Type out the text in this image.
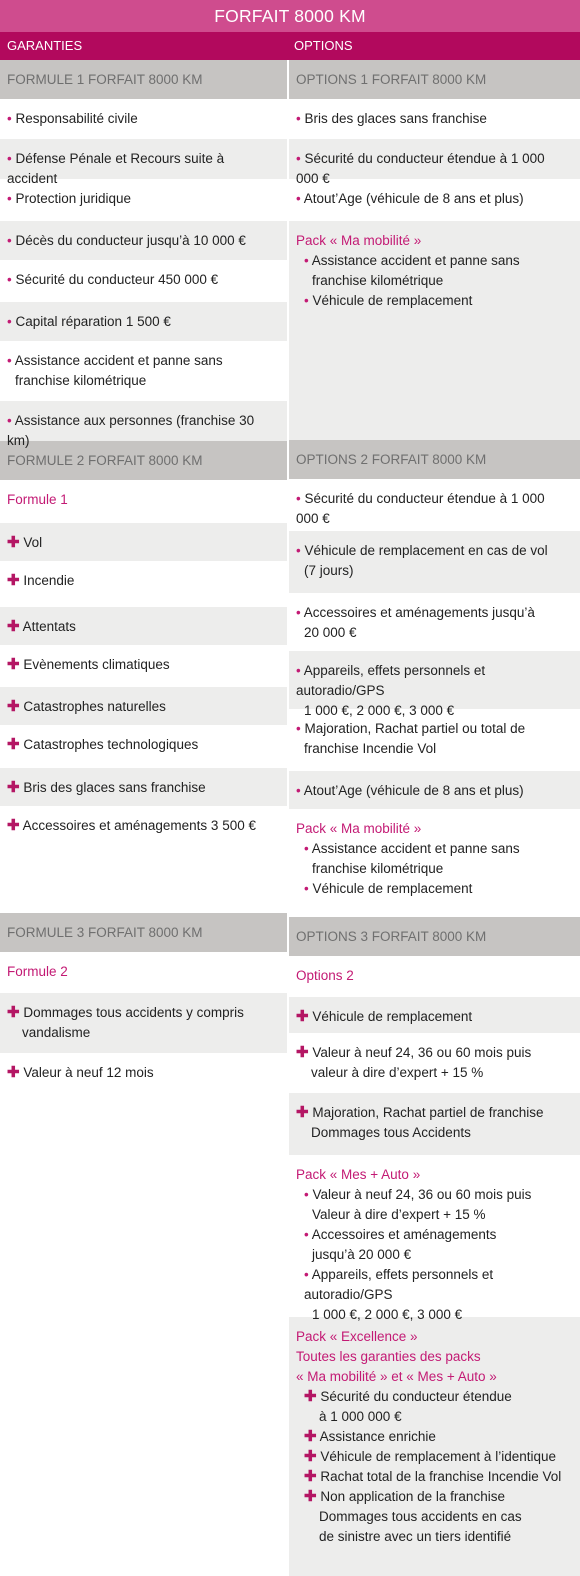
FORFAIT 8000 KM
GARANTIES	OPTIONS
FORMULE 1 FORFAIT 8000 KM
• Responsabilité civile
• Défense Pénale et Recours suite à accident
• Protection juridique
• Décès du conducteur jusqu’à 10 000 €
• Sécurité du conducteur 450 000 €
• Capital réparation 1 500 €
• Assistance accident et panne sans
franchise kilométrique
• Assistance aux personnes (franchise 30
FORMULE 2 FORFAIT 8000 KM
Formule 1
✚ Vol
✚ Incendie
✚ Attentats
✚ Evènements climatiques
✚ Catastrophes naturelles
✚ Catastrophes technologiques
✚ Bris des glaces sans franchise
✚ Accessoires et aménagements 3 500 €
FORMULE 3 FORFAIT 8000 KM
Formule 2
✚ Dommages tous accidents y compris
vandalisme
✚ Valeur à neuf 12 mois
OPTIONS 1 FORFAIT 8000 KM
• Bris des glaces sans franchise
• Sécurité du conducteur étendue à 1 000 000 €
• Atout’Age (véhicule de 8 ans et plus)
Pack « Ma mobilité »
• Assistance accident et panne sans
franchise kilométrique
• Véhicule de remplacement
OPTIONS 2 FORFAIT 8000 KM
• Sécurité du conducteur étendue à 1 000 000 €
• Véhicule de remplacement en cas de vol
(7 jours)
• Accessoires et aménagements jusqu’à
20 000 €
• Appareils, effets personnels et autoradio/GPS
1 000 €, 2 000 €, 3 000 €
• Majoration, Rachat partiel ou total de
franchise Incendie Vol
• Atout’Age (véhicule de 8 ans et plus)
Pack « Ma mobilité »
• Assistance accident et panne sans
franchise kilométrique
• Véhicule de remplacement
OPTIONS 3 FORFAIT 8000 KM
Options 2
✚ Véhicule de remplacement
✚ Valeur à neuf 24, 36 ou 60 mois puis
valeur à dire d’expert + 15 %
✚ Majoration, Rachat partiel de franchise
Dommages tous Accidents
Pack « Mes + Auto »
• Valeur à neuf 24, 36 ou 60 mois puis
Valeur à dire d’expert + 15 %
• Accessoires et aménagements
jusqu’à 20 000 €
• Appareils, effets personnels et autoradio/GPS
1 000 €, 2 000 €, 3 000 €
Pack « Excellence »
Toutes les garanties des packs
« Ma mobilité » et « Mes + Auto »
✚ Sécurité du conducteur étendue
à 1 000 000 €
✚ Assistance enrichie
✚ Véhicule de remplacement à l’identique
✚ Rachat total de la franchise Incendie Vol
✚ Non application de la franchise
Dommages tous accidents en cas
de sinistre avec un tiers identifié
